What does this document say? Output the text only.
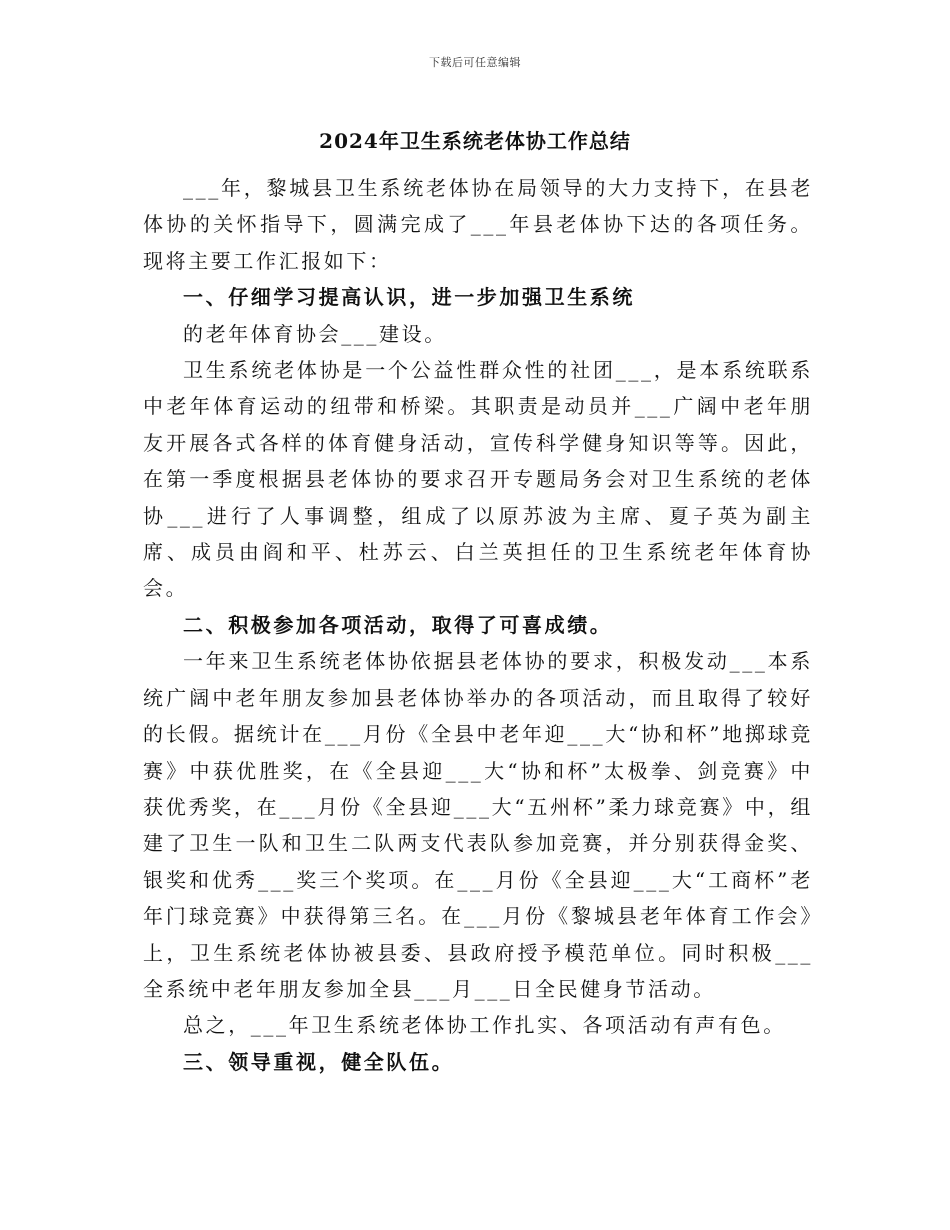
下载后可任意编辑
2024年卫生系统老体协工作总结

___年，黎城县卫生系统老体协在局领导的大力支持下，在县老体协的关怀指导下，圆满完成了___年县老体协下达的各项任务。现将主要工作汇报如下：

一、仔细学习提高认识，进一步加强卫生系统

的老年体育协会___建设。

卫生系统老体协是一个公益性群众性的社团___，是本系统联系中老年体育运动的纽带和桥梁。其职责是动员并___广阔中老年朋友开展各式各样的体育健身活动，宣传科学健身知识等等。因此，在第一季度根据县老体协的要求召开专题局务会对卫生系统的老体协___进行了人事调整，组成了以原苏波为主席、夏子英为副主席、成员由阎和平、杜苏云、白兰英担任的卫生系统老年体育协会。

二、积极参加各项活动，取得了可喜成绩。

一年来卫生系统老体协依据县老体协的要求，积极发动___本系统广阔中老年朋友参加县老体协举办的各项活动，而且取得了较好的长假。据统计在___月份《全县中老年迎___大“协和杯”地掷球竞赛》中获优胜奖，在《全县迎___大“协和杯”太极拳、剑竞赛》中获优秀奖，在___月份《全县迎___大“五州杯”柔力球竞赛》中，组建了卫生一队和卫生二队两支代表队参加竞赛，并分别获得金奖、银奖和优秀___奖三个奖项。在___月份《全县迎___大“工商杯”老年门球竞赛》中获得第三名。在___月份《黎城县老年体育工作会》上，卫生系统老体协被县委、县政府授予模范单位。同时积极___全系统中老年朋友参加全县___月___日全民健身节活动。

总之，___年卫生系统老体协工作扎实、各项活动有声有色。

三、领导重视，健全队伍。
